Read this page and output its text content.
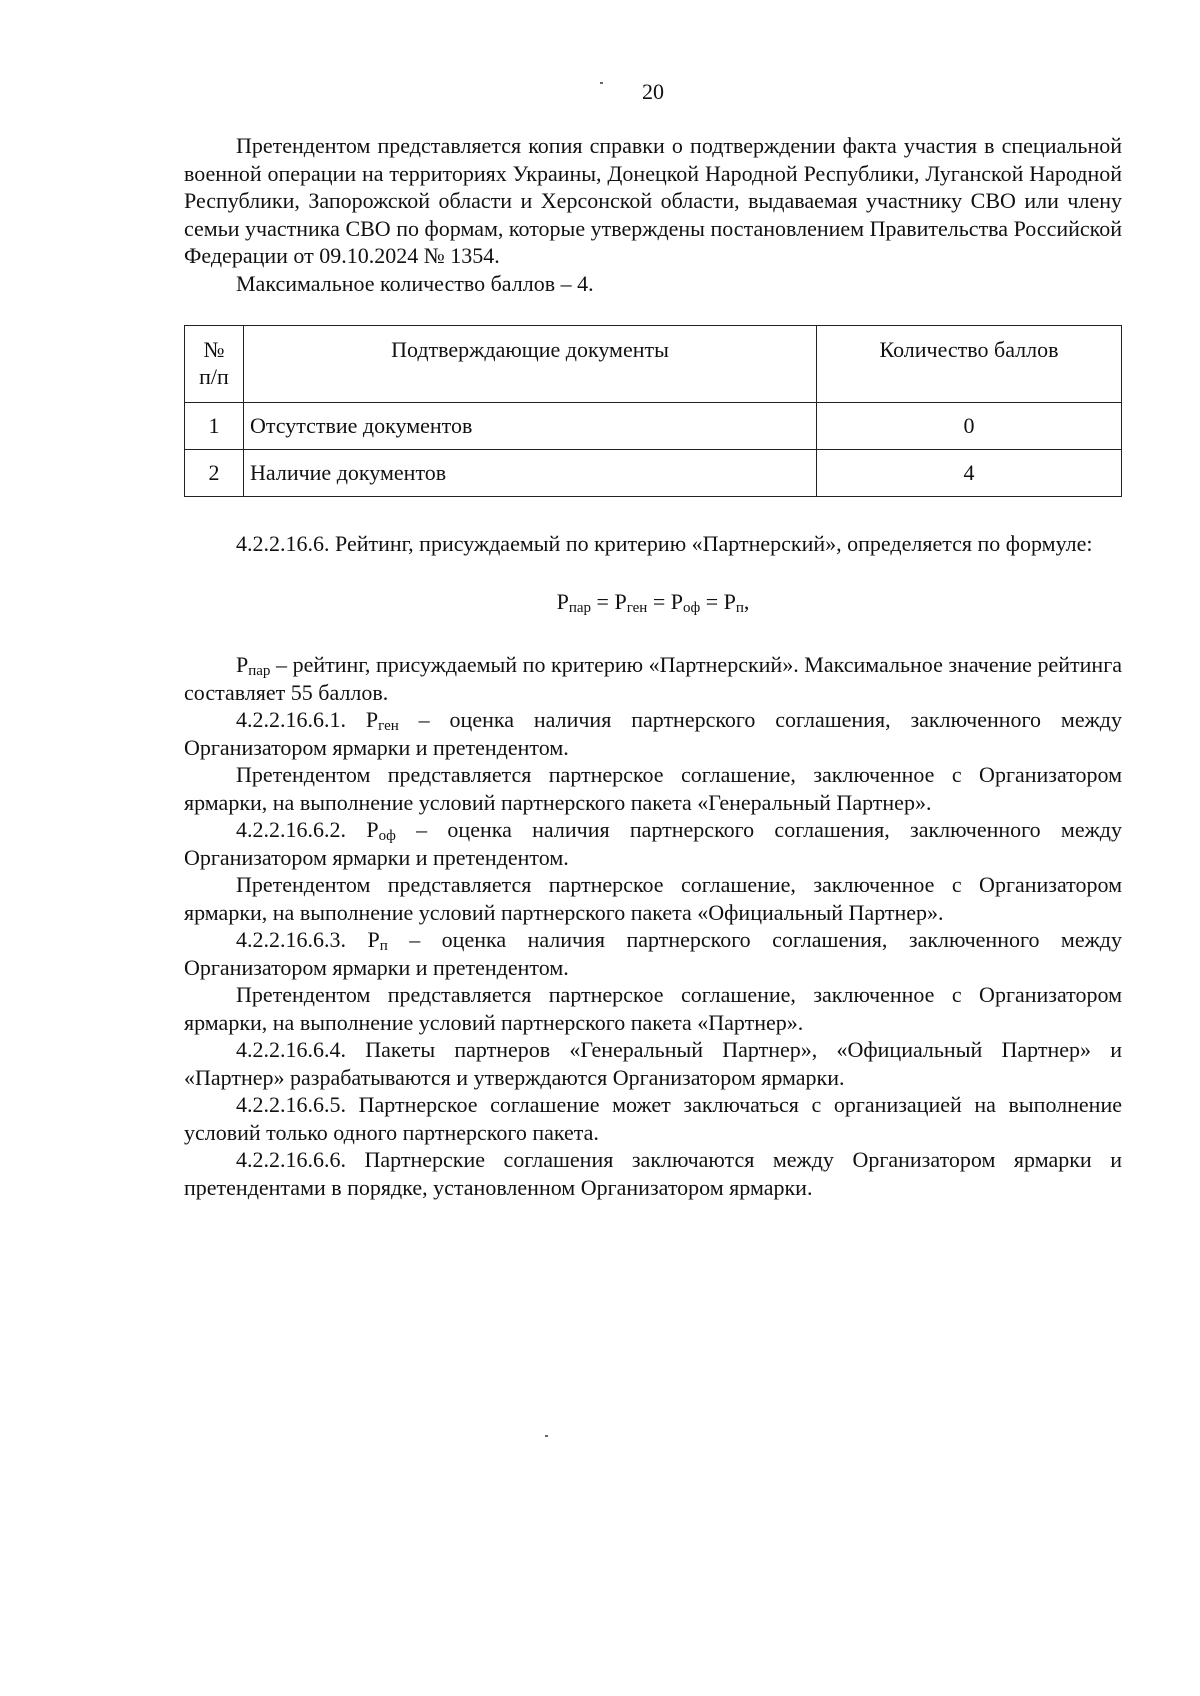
20

Претендентом представляется копия справки о подтверждении факта участия в специальной военной операции на территориях Украины, Донецкой Народной Республики, Луганской Народной Республики, Запорожской области и Херсонской области, выдаваемая участнику СВО или члену семьи участника СВО по формам, которые утверждены постановлением Правительства Российской Федерации от 09.10.2024 № 1354.

Максимальное количество баллов – 4.

№
п/п	Подтверждающие документы	Количество баллов
1	Отсутствие документов	0
2	Наличие документов	4

4.2.2.16.6. Рейтинг, присуждаемый по критерию «Партнерский», определяется по формуле:

$Р_{пар} = Р_{ген} = Р_{оф} = Р_п$,

$Р_{пар}$ – рейтинг, присуждаемый по критерию «Партнерский». Максимальное значение рейтинга составляет 55 баллов.

4.2.2.16.6.1. $Р_{ген}$ – оценка наличия партнерского соглашения, заключенного между Организатором ярмарки и претендентом.

Претендентом представляется партнерское соглашение, заключенное с Организатором ярмарки, на выполнение условий партнерского пакета «Генеральный Партнер».

4.2.2.16.6.2. $Р_{оф}$ – оценка наличия партнерского соглашения, заключенного между Организатором ярмарки и претендентом.

Претендентом представляется партнерское соглашение, заключенное с Организатором ярмарки, на выполнение условий партнерского пакета «Официальный Партнер».

4.2.2.16.6.3. $Р_п$ – оценка наличия партнерского соглашения, заключенного между Организатором ярмарки и претендентом.

Претендентом представляется партнерское соглашение, заключенное с Организатором ярмарки, на выполнение условий партнерского пакета «Партнер».

4.2.2.16.6.4. Пакеты партнеров «Генеральный Партнер», «Официальный Партнер» и «Партнер» разрабатываются и утверждаются Организатором ярмарки.

4.2.2.16.6.5. Партнерское соглашение может заключаться с организацией на выполнение условий только одного партнерского пакета.

4.2.2.16.6.6. Партнерские соглашения заключаются между Организатором ярмарки и претендентами в порядке, установленном Организатором ярмарки.
